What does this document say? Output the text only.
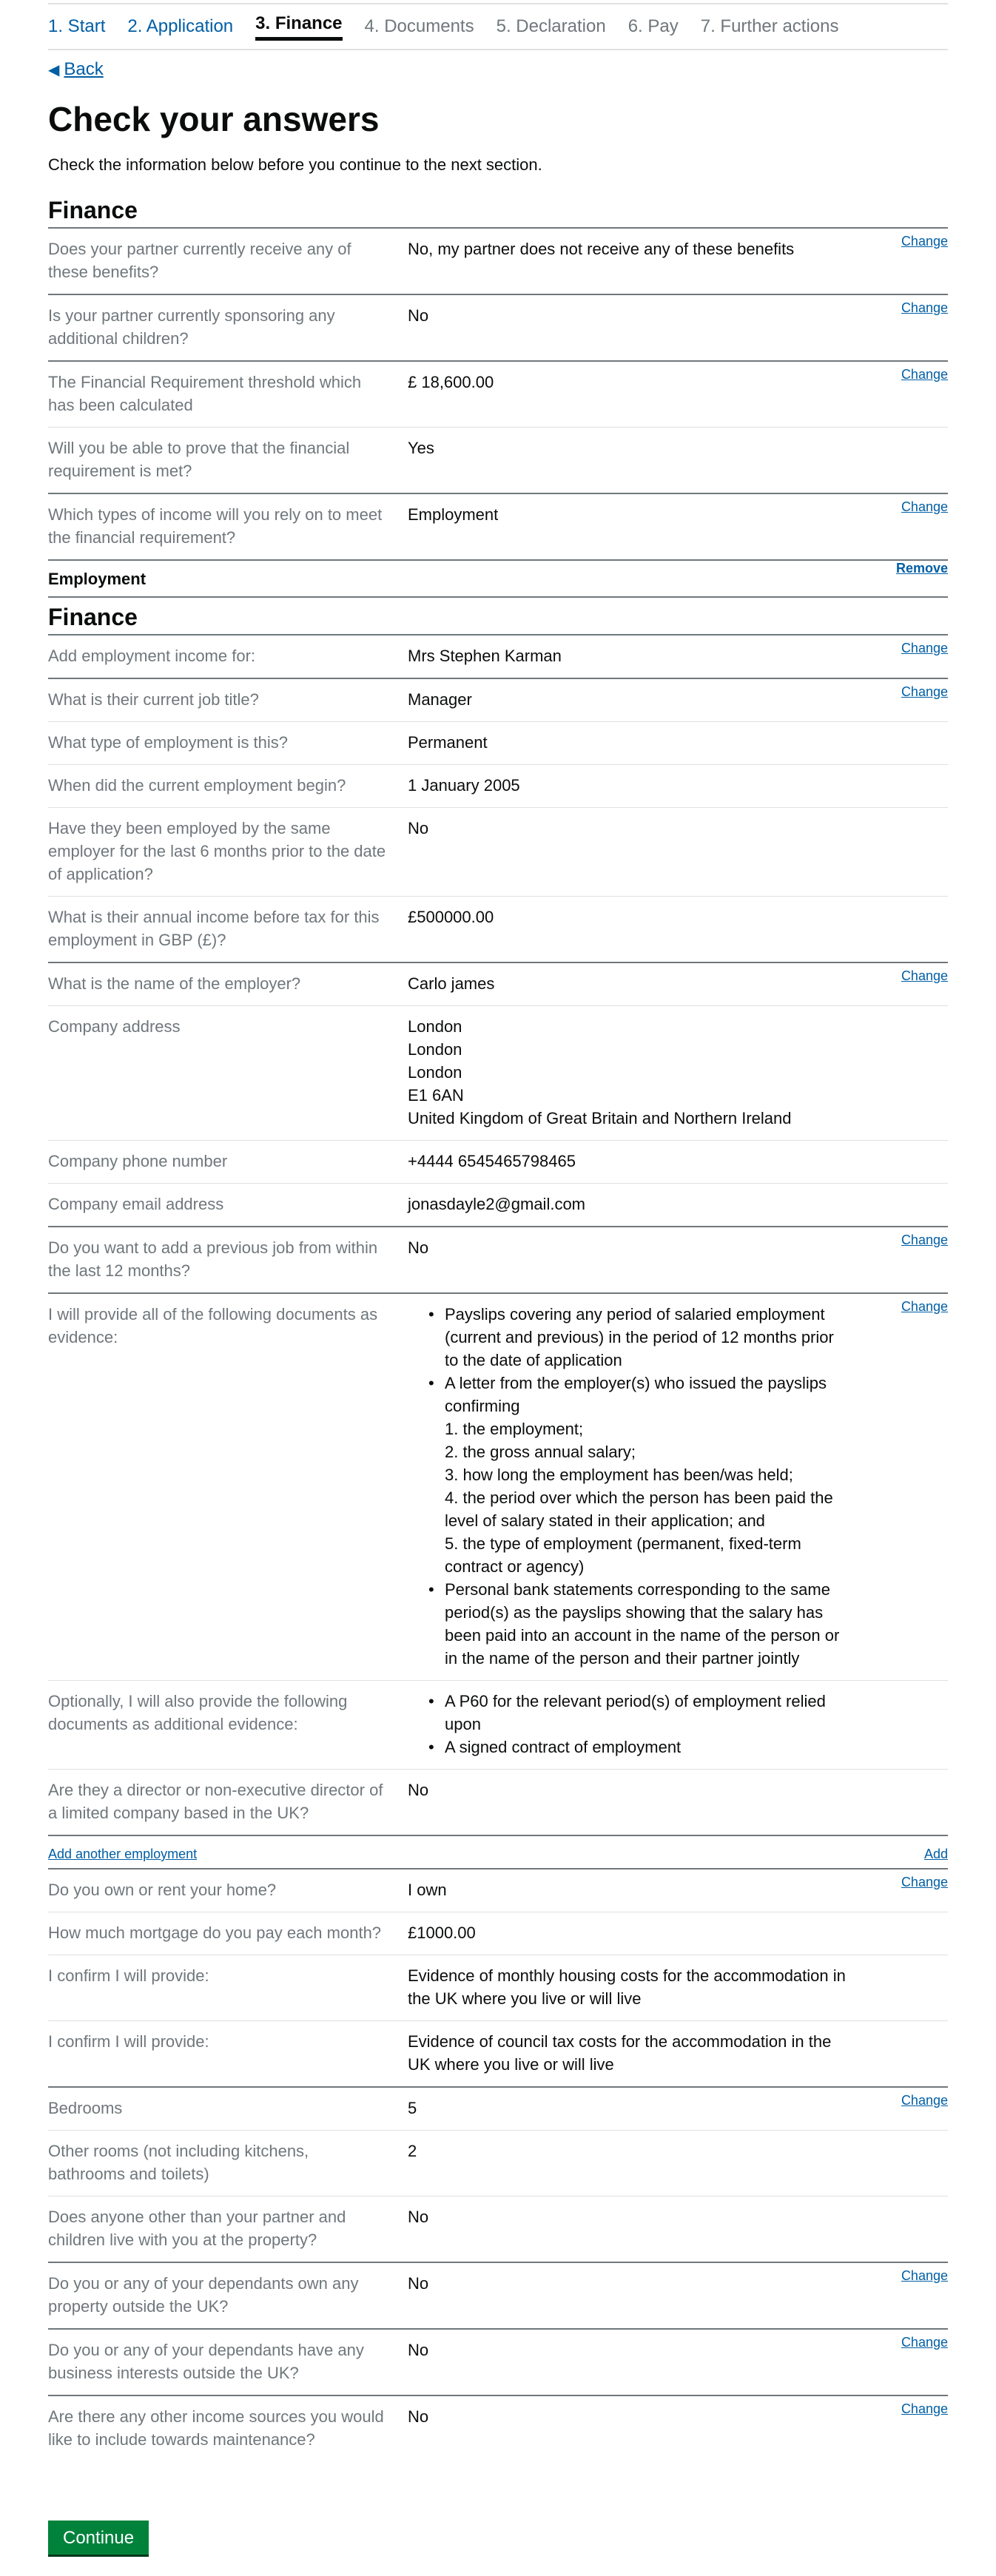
1. Start 2. Application 3. Finance 4. Documents 5. Declaration 6. Pay 7. Further actions
◀ Back
Check your answers

Check the information below before you continue to the next section.

Finance
Does your partner currently receive any of these benefits?
No, my partner does not receive any of these benefits	Change
Is your partner currently sponsoring any additional children?
No	Change
The Financial Requirement threshold which has been calculated
£ 18,600.00	Change
Will you be able to prove that the financial requirement is met?
Yes
Which types of income will you rely on to meet the financial requirement?
Employment	Change
Employment
Remove
Finance
Add employment income for:	Mrs Stephen Karman	Change
What is their current job title?	Manager	Change
What type of employment is this?	Permanent
When did the current employment begin?	1 January 2005
Have they been employed by the same employer for the last 6 months prior to the date of application?
No
What is their annual income before tax for this employment in GBP (£)?
£500000.00
What is the name of the employer?	Carlo james	Change
Company address	London
London
London
E1 6AN
United Kingdom of Great Britain and Northern Ireland
Company phone number	+4444 6545465798465
Company email address	jonasdayle2@gmail.com
Do you want to add a previous job from within the last 12 months?
No	Change
I will provide all of the following documents as evidence:
• Payslips covering any period of salaried employment (current and previous) in the period of 12 months prior to the date of application
• A letter from the employer(s) who issued the payslips confirming
1. the employment;
2. the gross annual salary;
3. how long the employment has been/was held;
4. the period over which the person has been paid the level of salary stated in their application; and
5. the type of employment (permanent, fixed-term contract or agency)
• Personal bank statements corresponding to the same period(s) as the payslips showing that the salary has been paid into an account in the name of the person or in the name of the person and their partner jointly
Change
Optionally, I will also provide the following documents as additional evidence:
• A P60 for the relevant period(s) of employment relied upon
• A signed contract of employment
Are they a director or non-executive director of a limited company based in the UK?
No
Add another employment	Add
Do you own or rent your home?	I own	Change
How much mortgage do you pay each month?	£1000.00
I confirm I will provide:	Evidence of monthly housing costs for the accommodation in the UK where you live or will live
I confirm I will provide:	Evidence of council tax costs for the accommodation in the UK where you live or will live
Bedrooms	5	Change
Other rooms (not including kitchens, bathrooms and toilets)
2
Does anyone other than your partner and children live with you at the property?
No
Do you or any of your dependants own any property outside the UK?
No	Change
Do you or any of your dependants have any business interests outside the UK?
No	Change
Are there any other income sources you would like to include towards maintenance?
No	Change
Continue
